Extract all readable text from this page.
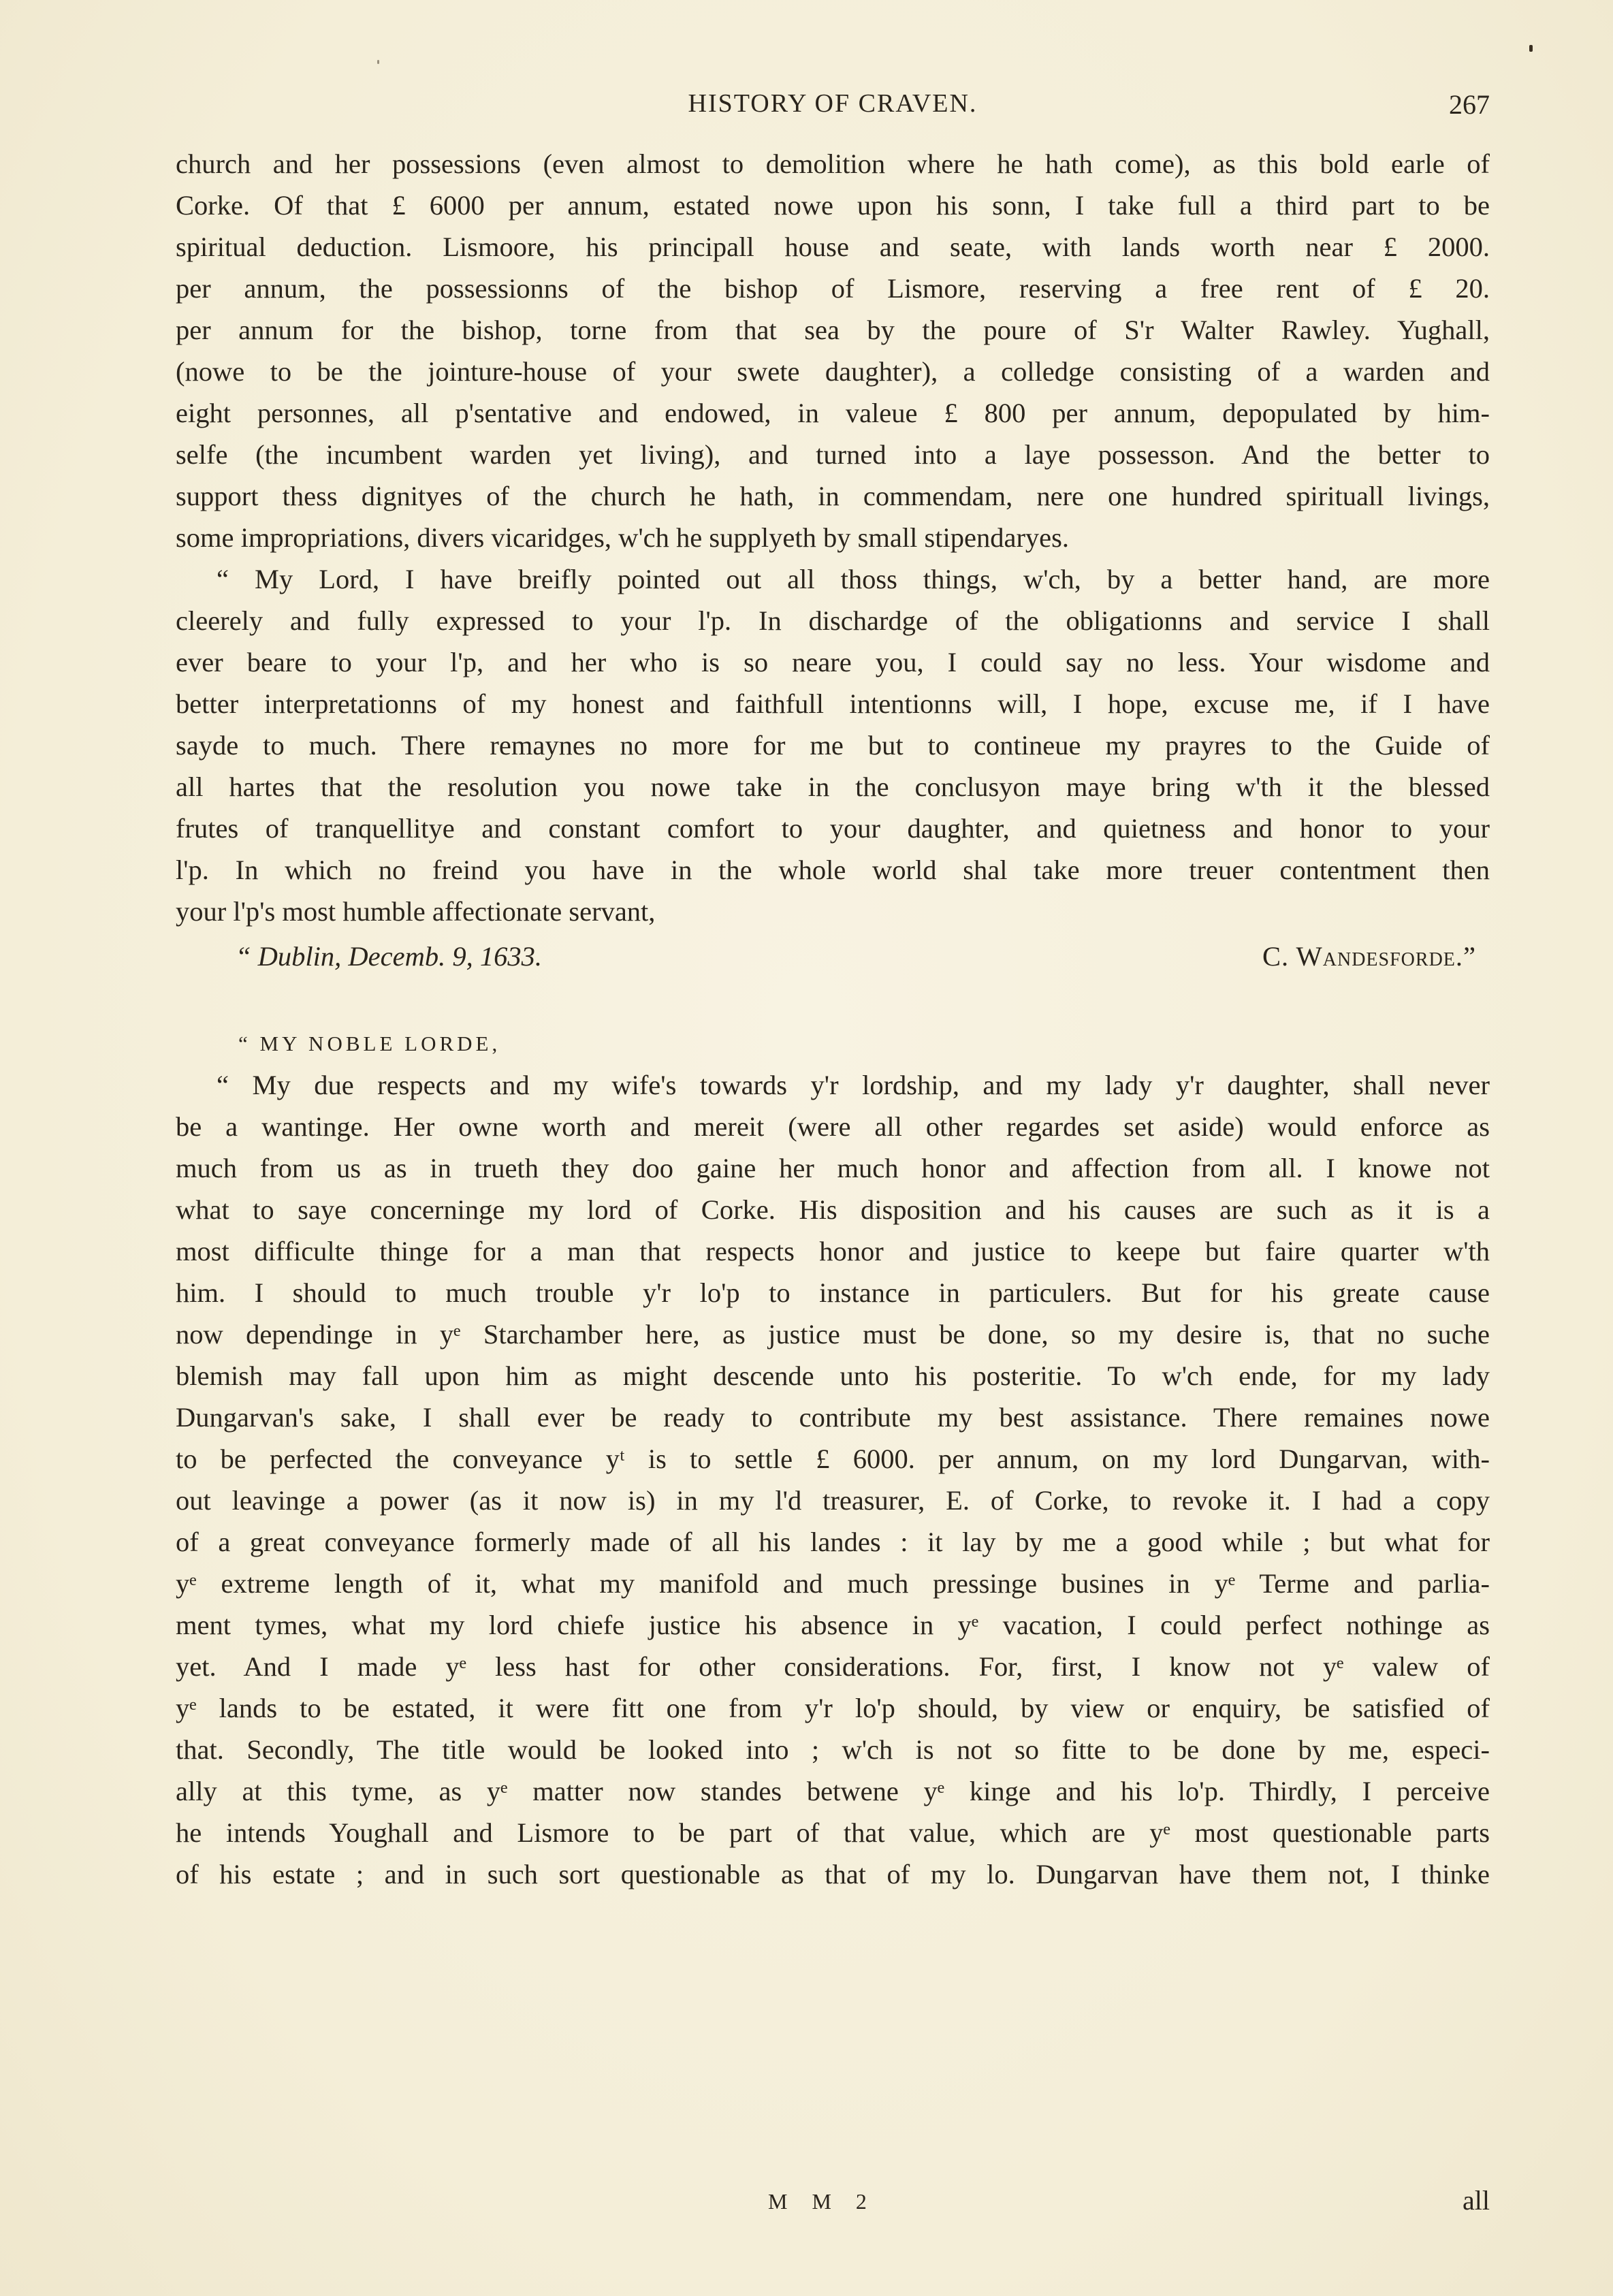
HISTORY OF CRAVEN.	267
church and her possessions (even almost to demolition where he hath come), as this bold earle of
Corke. Of that £ 6000 per annum, estated nowe upon his sonn, I take full a third part to be
spiritual deduction. Lismoore, his principall house and seate, with lands worth near £ 2000.
per annum, the possessionns of the bishop of Lismore, reserving a free rent of £ 20.
per annum for the bishop, torne from that sea by the poure of S'r Walter Rawley. Yughall,
(nowe to be the jointure-house of your swete daughter), a colledge consisting of a warden and
eight personnes, all p'sentative and endowed, in valeue £ 800 per annum, depopulated by him-
selfe (the incumbent warden yet living), and turned into a laye possesson. And the better to
support thess dignityes of the church he hath, in commendam, nere one hundred spirituall livings,
some impropriations, divers vicaridges, w'ch he supplyeth by small stipendaryes.
“ My Lord, I have breifly pointed out all thoss things, w'ch, by a better hand, are more
cleerely and fully expressed to your l'p. In dischardge of the obligationns and service I shall
ever beare to your l'p, and her who is so neare you, I could say no less. Your wisdome and
better interpretationns of my honest and faithfull intentionns will, I hope, excuse me, if I have
sayde to much. There remaynes no more for me but to contineue my prayres to the Guide of
all hartes that the resolution you nowe take in the conclusyon maye bring w'th it the blessed
frutes of tranquellitye and constant comfort to your daughter, and quietness and honor to your
l'p. In which no freind you have in the whole world shal take more treuer contentment then
your l'p's most humble affectionate servant,
“ Dublin, Decemb. 9, 1633.	C. Wandesforde.”
“ MY NOBLE LORDE,
“ My due respects and my wife's towards y'r lordship, and my lady y'r daughter, shall never
be a wantinge. Her owne worth and mereit (were all other regardes set aside) would enforce as
much from us as in trueth they doo gaine her much honor and affection from all. I knowe not
what to saye concerninge my lord of Corke. His disposition and his causes are such as it is a
most difficulte thinge for a man that respects honor and justice to keepe but faire quarter w'th
him. I should to much trouble y'r lo'p to instance in particulers. But for his greate cause
now dependinge in yᵉ Starchamber here, as justice must be done, so my desire is, that no suche
blemish may fall upon him as might descende unto his posteritie. To w'ch ende, for my lady
Dungarvan's sake, I shall ever be ready to contribute my best assistance. There remaines nowe
to be perfected the conveyance yᵗ is to settle £ 6000. per annum, on my lord Dungarvan, with-
out leavinge a power (as it now is) in my l'd treasurer, E. of Corke, to revoke it. I had a copy
of a great conveyance formerly made of all his landes : it lay by me a good while ; but what for
yᵉ extreme length of it, what my manifold and much pressinge busines in yᵉ Terme and parlia-
ment tymes, what my lord chiefe justice his absence in yᵉ vacation, I could perfect nothinge as
yet. And I made yᵉ less hast for other considerations. For, first, I know not yᵉ valew of
yᵉ lands to be estated, it were fitt one from y'r lo'p should, by view or enquiry, be satisfied of
that. Secondly, The title would be looked into ; w'ch is not so fitte to be done by me, especi-
ally at this tyme, as yᵉ matter now standes betwene yᵉ kinge and his lo'p. Thirdly, I perceive
he intends Youghall and Lismore to be part of that value, which are yᵉ most questionable parts
of his estate ; and in such sort questionable as that of my lo. Dungarvan have them not, I thinke
M M 2	all
